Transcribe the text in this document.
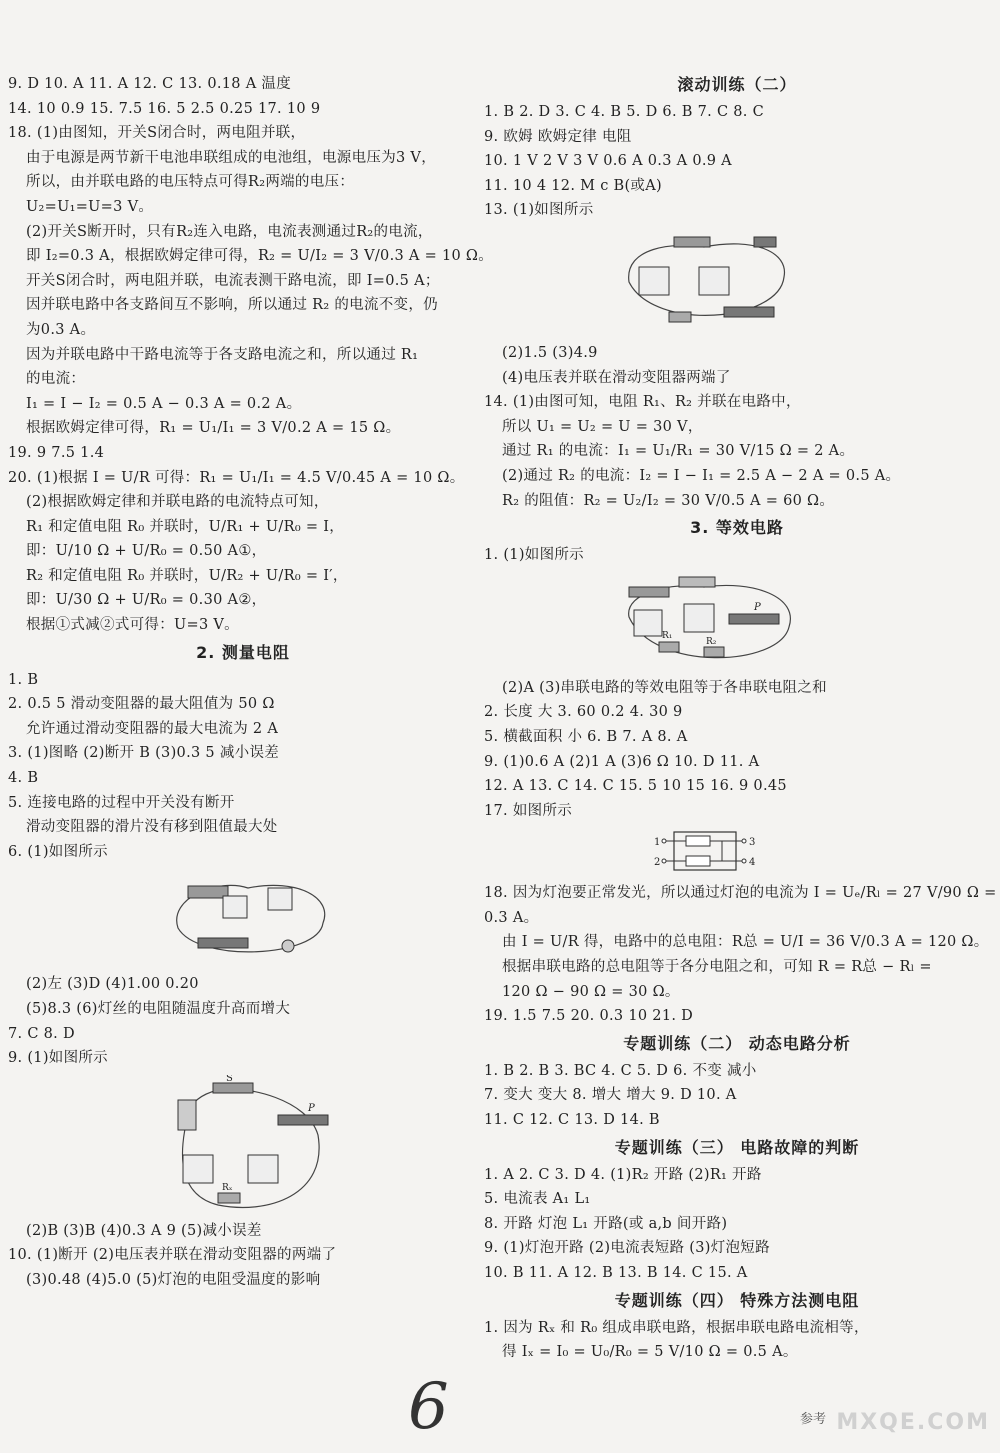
9. D 10. A 11. A 12. C 13. 0.18 A 温度
14. 10 0.9 15. 7.5 16. 5 2.5 0.25 17. 10 9
18. (1)由图知，开关S闭合时，两电阻并联，
由于电源是两节新干电池串联组成的电池组，电源电压为3 V，
所以，由并联电路的电压特点可得R₂两端的电压：
U₂=U₁=U=3 V。
(2)开关S断开时，只有R₂连入电路，电流表测通过R₂的电流，
即 I₂=0.3 A，根据欧姆定律可得，R₂ = U/I₂ = 3 V/0.3 A = 10 Ω。
开关S闭合时，两电阻并联，电流表测干路电流，即 I=0.5 A；
因并联电路中各支路间互不影响，所以通过 R₂ 的电流不变，仍
为0.3 A。
因为并联电路中干路电流等于各支路电流之和，所以通过 R₁
的电流：
I₁ = I − I₂ = 0.5 A − 0.3 A = 0.2 A。
根据欧姆定律可得，R₁ = U₁/I₁ = 3 V/0.2 A = 15 Ω。
19. 9 7.5 1.4
20. (1)根据 I = U/R 可得：R₁ = U₁/I₁ = 4.5 V/0.45 A = 10 Ω。
(2)根据欧姆定律和并联电路的电流特点可知，
R₁ 和定值电阻 R₀ 并联时，U/R₁ + U/R₀ = I，
即：U/10 Ω + U/R₀ = 0.50 A①，
R₂ 和定值电阻 R₀ 并联时，U/R₂ + U/R₀ = I′，
即：U/30 Ω + U/R₀ = 0.30 A②，
根据①式减②式可得：U=3 V。
2. 测量电阻
1. B
2. 0.5 5 滑动变阻器的最大阻值为 50 Ω
允许通过滑动变阻器的最大电流为 2 A
3. (1)图略 (2)断开 B (3)0.3 5 减小误差
4. B
5. 连接电路的过程中开关没有断开
滑动变阻器的滑片没有移到阻值最大处
6. (1)如图所示
(2)左 (3)D (4)1.00 0.20
(5)8.3 (6)灯丝的电阻随温度升高而增大
7. C 8. D
9. (1)如图所示
S
P
Rₓ
(2)B (3)B (4)0.3 A 9 (5)减小误差
10. (1)断开 (2)电压表并联在滑动变阻器的两端了
(3)0.48 (4)5.0 (5)灯泡的电阻受温度的影响
滚动训练（二）
1. B 2. D 3. C 4. B 5. D 6. B 7. C 8. C
9. 欧姆 欧姆定律 电阻
10. 1 V 2 V 3 V 0.6 A 0.3 A 0.9 A
11. 10 4 12. M c B(或A)
13. (1)如图所示
(2)1.5 (3)4.9
(4)电压表并联在滑动变阻器两端了
14. (1)由图可知，电阻 R₁、R₂ 并联在电路中，
所以 U₁ = U₂ = U = 30 V，
通过 R₁ 的电流：I₁ = U₁/R₁ = 30 V/15 Ω = 2 A。
(2)通过 R₂ 的电流：I₂ = I − I₁ = 2.5 A − 2 A = 0.5 A。
R₂ 的阻值：R₂ = U₂/I₂ = 30 V/0.5 A = 60 Ω。
3. 等效电路
1. (1)如图所示
P
R₁
R₂
(2)A (3)串联电路的等效电阻等于各串联电阻之和
2. 长度 大 3. 60 0.2 4. 30 9
5. 横截面积 小 6. B 7. A 8. A
9. (1)0.6 A (2)1 A (3)6 Ω 10. D 11. A
12. A 13. C 14. C 15. 5 10 15 16. 9 0.45
17. 如图所示
1
2
3
4
18. 因为灯泡要正常发光，所以通过灯泡的电流为 I = Uₑ/Rₗ = 27 V/90 Ω =
0.3 A。
由 I = U/R 得，电路中的总电阻：R总 = U/I = 36 V/0.3 A = 120 Ω。
根据串联电路的总电阻等于各分电阻之和，可知 R = R总 − Rₗ =
120 Ω − 90 Ω = 30 Ω。
19. 1.5 7.5 20. 0.3 10 21. D
专题训练（二） 动态电路分析
1. B 2. B 3. BC 4. C 5. D 6. 不变 减小
7. 变大 变大 8. 增大 增大 9. D 10. A
11. C 12. C 13. D 14. B
专题训练（三） 电路故障的判断
1. A 2. C 3. D 4. (1)R₂ 开路 (2)R₁ 开路
5. 电流表 A₁ L₁
8. 开路 灯泡 L₁ 开路(或 a,b 间开路)
9. (1)灯泡开路 (2)电流表短路 (3)灯泡短路
10. B 11. A 12. B 13. B 14. C 15. A
专题训练（四） 特殊方法测电阻
1. 因为 Rₓ 和 R₀ 组成串联电路，根据串联电路电流相等，
得 Iₓ = I₀ = U₀/R₀ = 5 V/10 Ω = 0.5 A。
6	参考 MXQE.COM
